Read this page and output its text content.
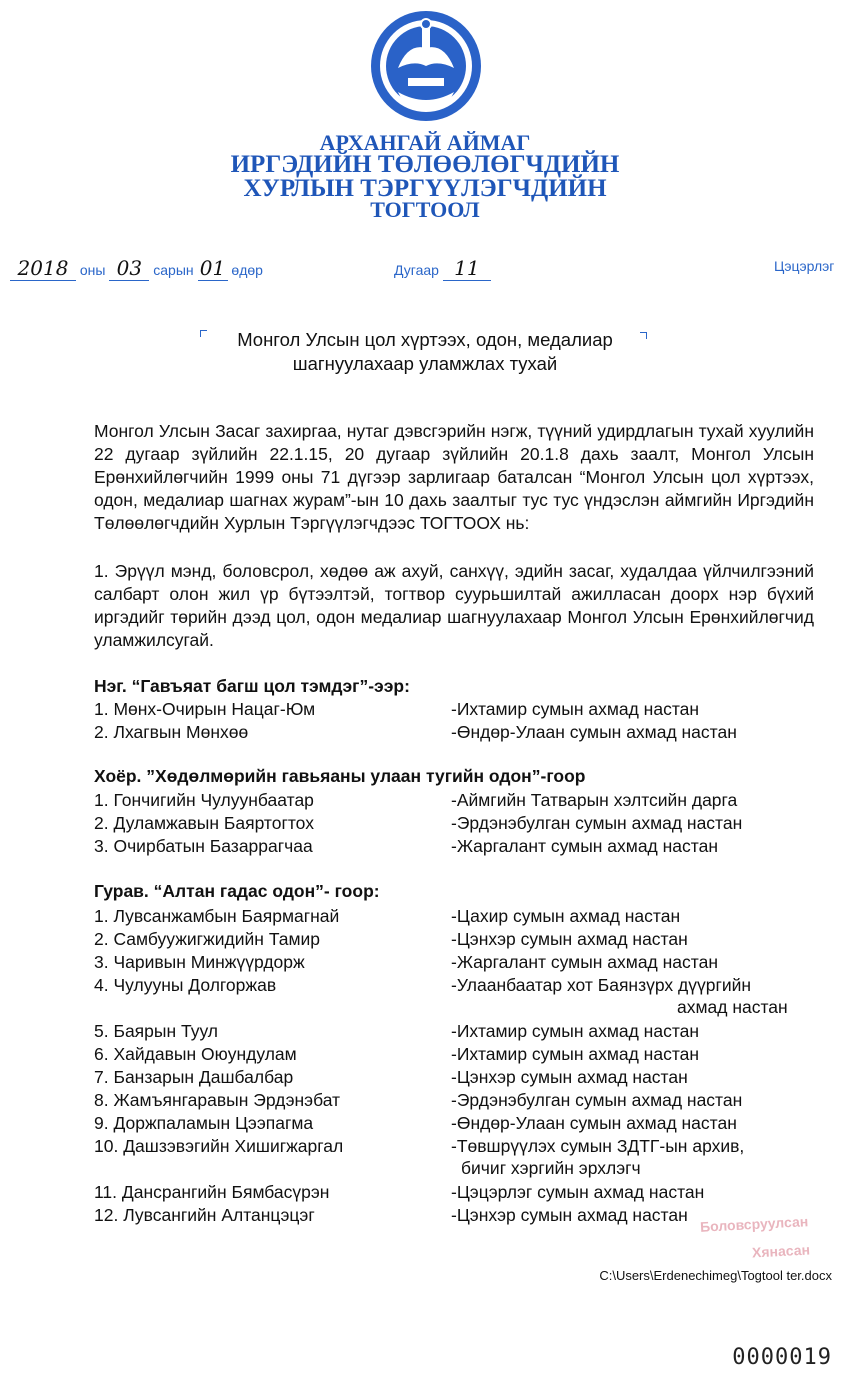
АРХАНГАЙ АЙМАГ
ИРГЭДИЙН ТӨЛӨӨЛӨГЧДИЙН
ХУРЛЫН ТЭРГҮҮЛЭГЧДИЙН
ТОГТООЛ
2018 оны 03 сарын 01 өдөр	Дугаар 11	Цэцэрлэг
Монгол Улсын цол хүртээх, одон, медалиар
шагнуулахаар уламжлах тухай

Монгол Улсын Засаг захиргаа, нутаг дэвсгэрийн нэгж, түүний удирдлагын тухай хуулийн 22 дугаар зүйлийн 22.1.15, 20 дугаар зүйлийн 20.1.8 дахь заалт, Монгол Улсын Ерөнхийлөгчийн 1999 оны 71 дүгээр зарлигаар баталсан “Монгол Улсын цол хүртээх, одон, медалиар шагнах журам”-ын 10 дахь заалтыг тус тус үндэслэн аймгийн Иргэдийн Төлөөлөгчдийн Хурлын Тэргүүлэгчдээс ТОГТООХ нь:

1. Эрүүл мэнд, боловсрол, хөдөө аж ахуй, санхүү, эдийн засаг, худалдаа үйлчилгээний салбарт олон жил үр бүтээлтэй, тогтвор суурьшилтай ажилласан доорх нэр бүхий иргэдийг төрийн дээд цол, одон медалиар шагнуулахаар Монгол Улсын Ерөнхийлөгчид уламжилсугай.

Нэг. “Гавъяат багш цол тэмдэг”-ээр:
1. Мөнх-Очирын Нацаг-Юм	-Ихтамир сумын ахмад настан
2. Лхагвын Мөнхөө	-Өндөр-Улаан сумын ахмад настан
Хоёр. ”Хөдөлмөрийн гавьяаны улаан тугийн одон”-гоор
1. Гончигийн Чулуунбаатар	-Аймгийн Татварын хэлтсийн дарга
2. Дуламжавын Баяртогтох	-Эрдэнэбулган сумын ахмад настан
3. Очирбатын Базаррагчаа	-Жаргалант сумын ахмад настан
Гурав. “Алтан гадас одон”- гоор:
1. Лувсанжамбын Баярмагнай	-Цахир сумын ахмад настан
2. Самбуужигжидийн Тамир	-Цэнхэр сумын ахмад настан
3. Чаривын Минжүүрдорж	-Жаргалант сумын ахмад настан
4. Чулууны Долгоржав	-Улаанбаатар хот Баянзүрх дүүргийн
ахмад настан
5. Баярын Туул	-Ихтамир сумын ахмад настан
6. Хайдавын Оюундулам	-Ихтамир сумын ахмад настан
7. Банзарын Дашбалбар	-Цэнхэр сумын ахмад настан
8. Жамъянгаравын Эрдэнэбат	-Эрдэнэбулган сумын ахмад настан
9. Доржпаламын Цээпагма	-Өндөр-Улаан сумын ахмад настан
10. Дашзэвэгийн Хишигжаргал	-Төвшрүүлэх сумын ЗДТГ-ын архив,
бичиг хэргийн эрхлэгч
11. Дансрангийн Бямбасүрэн	-Цэцэрлэг сумын ахмад настан
12. Лувсангийн Алтанцэцэг	-Цэнхэр сумын ахмад настан Боловсруулсан
Хянасан
C:\Users\Erdenechimeg\Togtool ter.docx
0000019
